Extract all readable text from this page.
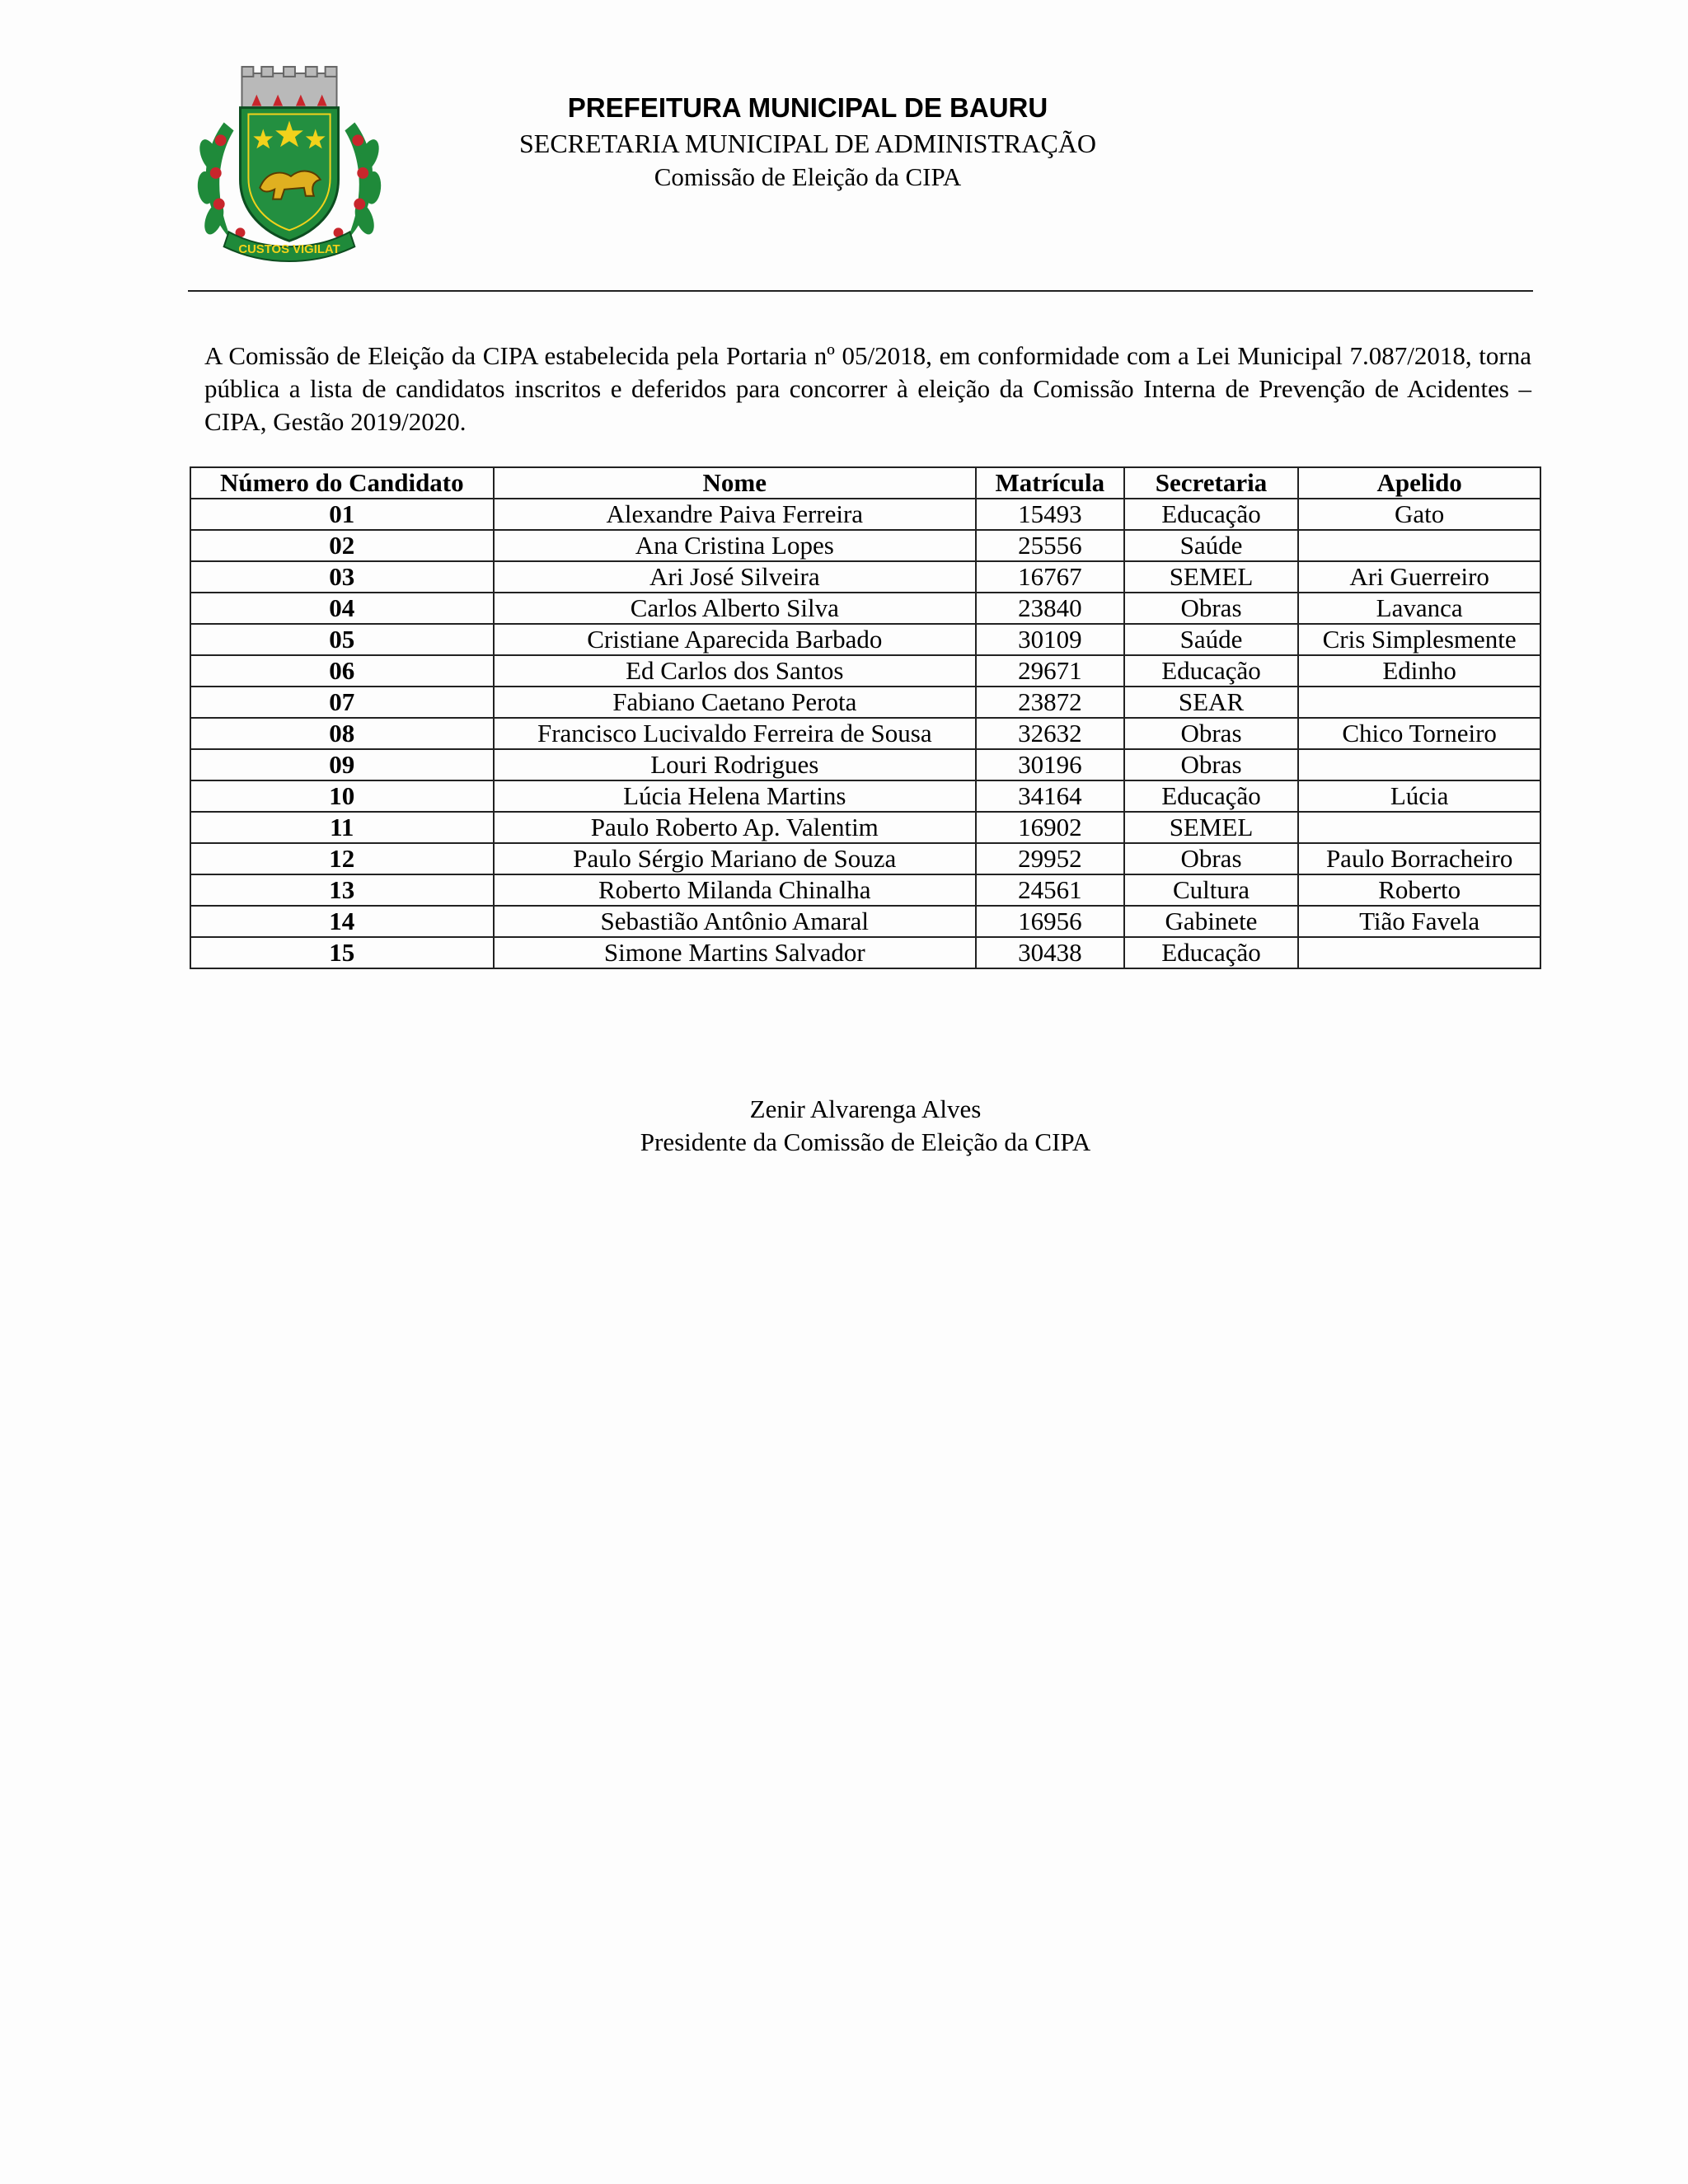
CUSTOS VIGILAT
PREFEITURA MUNICIPAL DE BAURU
SECRETARIA MUNICIPAL DE ADMINISTRAÇÃO
Comissão de Eleição da CIPA
A Comissão de Eleição da CIPA estabelecida pela Portaria nº 05/2018, em conformidade com a Lei Municipal 7.087/2018, torna pública a lista de candidatos inscritos e deferidos para concorrer à eleição da Comissão Interna de Prevenção de Acidentes – CIPA, Gestão 2019/2020.
Número do Candidato	Nome	Matrícula	Secretaria	Apelido
01	Alexandre Paiva Ferreira	15493	Educação	Gato
02	Ana Cristina Lopes	25556	Saúde	
03	Ari José Silveira	16767	SEMEL	Ari Guerreiro
04	Carlos Alberto Silva	23840	Obras	Lavanca
05	Cristiane Aparecida Barbado	30109	Saúde	Cris Simplesmente
06	Ed Carlos dos Santos	29671	Educação	Edinho
07	Fabiano Caetano Perota	23872	SEAR	
08	Francisco Lucivaldo Ferreira de Sousa	32632	Obras	Chico Torneiro
09	Louri Rodrigues	30196	Obras	
10	Lúcia Helena Martins	34164	Educação	Lúcia
11	Paulo Roberto Ap. Valentim	16902	SEMEL	
12	Paulo Sérgio Mariano de Souza	29952	Obras	Paulo Borracheiro
13	Roberto Milanda Chinalha	24561	Cultura	Roberto
14	Sebastião Antônio Amaral	16956	Gabinete	Tião Favela
15	Simone Martins Salvador	30438	Educação	
Zenir Alvarenga Alves
Presidente da Comissão de Eleição da CIPA
